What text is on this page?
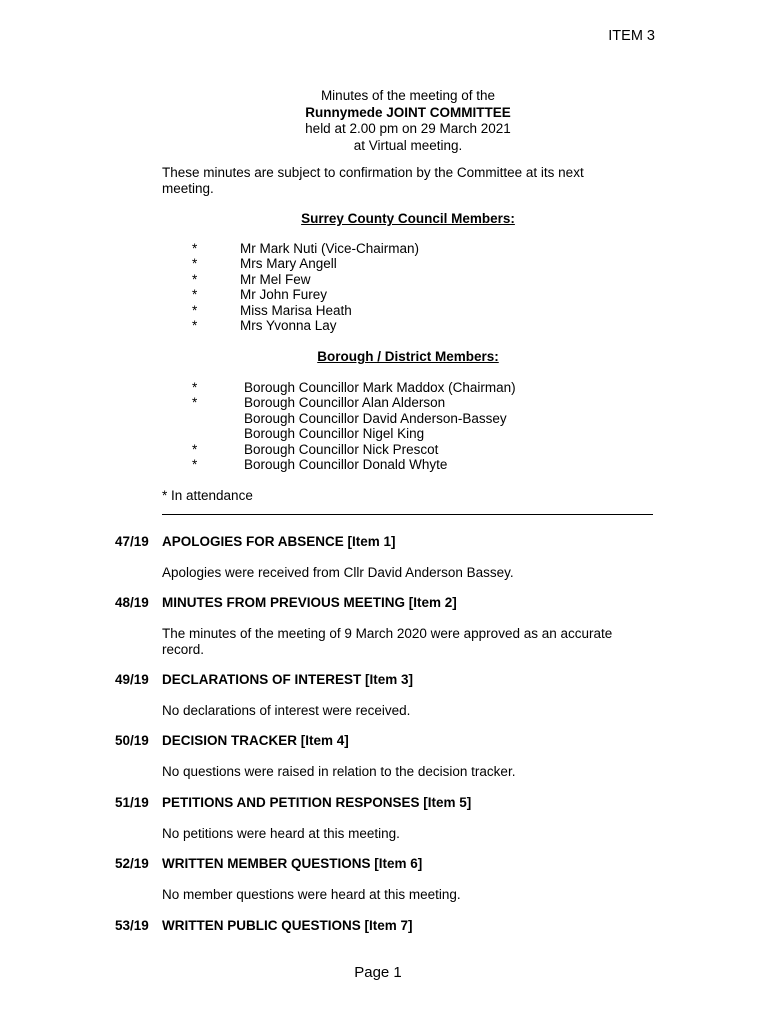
ITEM 3
Minutes of the meeting of the
Runnymede JOINT COMMITTEE
held at 2.00 pm on 29 March 2021
at Virtual meeting.
These minutes are subject to confirmation by the Committee at its next meeting.
Surrey County Council Members:
*	Mr Mark Nuti (Vice-Chairman)
*	Mrs Mary Angell
*	Mr Mel Few
*	Mr John Furey
*	Miss Marisa Heath
*	Mrs Yvonna Lay
Borough / District Members:
*	Borough Councillor Mark Maddox (Chairman)
*	Borough Councillor Alan Alderson
Borough Councillor David Anderson-Bassey
Borough Councillor Nigel King
*	Borough Councillor Nick Prescot
*	Borough Councillor Donald Whyte
* In attendance
47/19 APOLOGIES FOR ABSENCE [Item 1]
Apologies were received from Cllr David Anderson Bassey.
48/19 MINUTES FROM PREVIOUS MEETING [Item 2]
The minutes of the meeting of 9 March 2020 were approved as an accurate record.
49/19 DECLARATIONS OF INTEREST [Item 3]
No declarations of interest were received.
50/19 DECISION TRACKER [Item 4]
No questions were raised in relation to the decision tracker.
51/19 PETITIONS AND PETITION RESPONSES [Item 5]
No petitions were heard at this meeting.
52/19 WRITTEN MEMBER QUESTIONS [Item 6]
No member questions were heard at this meeting.
53/19 WRITTEN PUBLIC QUESTIONS [Item 7]
Page 1
